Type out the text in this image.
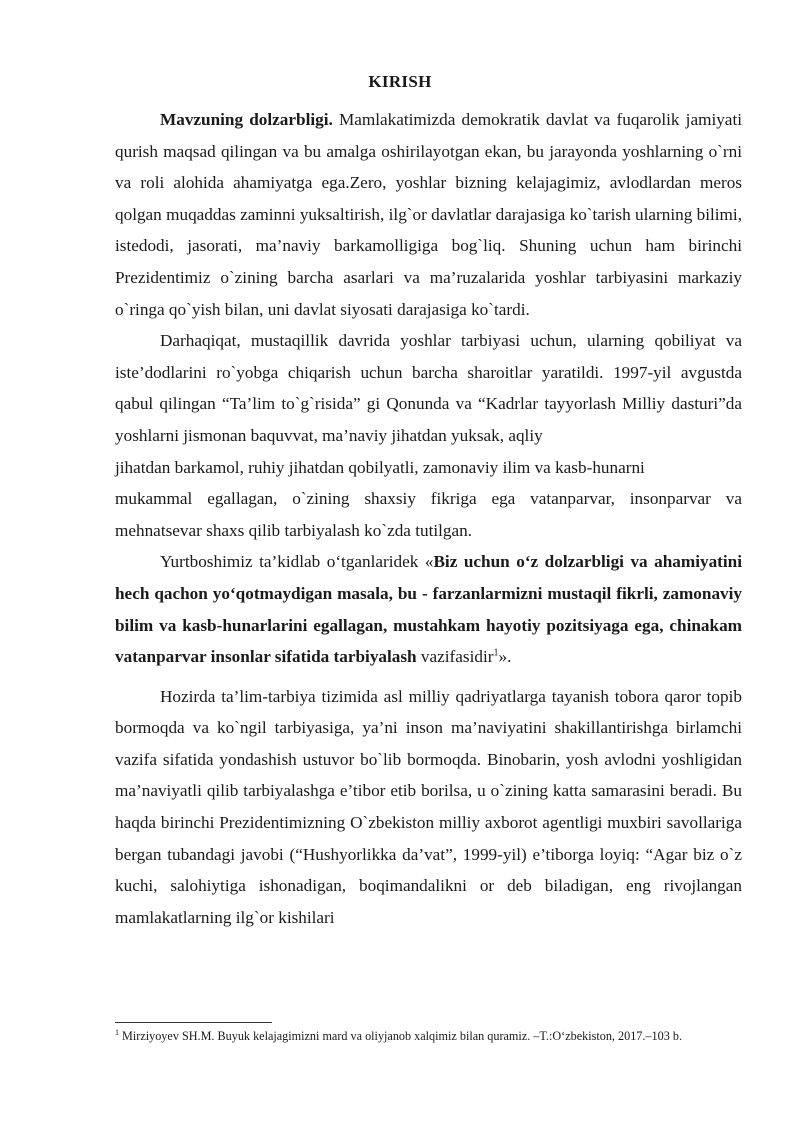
KIRISH

Mavzuning dolzarbligi. Mamlakatimizda demokratik davlat va fuqarolik jamiyati qurish maqsad qilingan va bu amalga oshirilayotgan ekan, bu jarayonda yoshlarning o`rni va roli alohida ahamiyatga ega.Zero, yoshlar bizning kelajagimiz, avlodlardan meros qolgan muqaddas zaminni yuksaltirish, ilg`or davlatlar darajasiga ko`tarish ularning bilimi, istedodi, jasorati, ma’naviy barkamolligiga bog`liq. Shuning uchun ham birinchi Prezidentimiz o`zining barcha asarlari va ma’ruzalarida yoshlar tarbiyasini markaziy o`ringa qo`yish bilan, uni davlat siyosati darajasiga ko`tardi.

Darhaqiqat, mustaqillik davrida yoshlar tarbiyasi uchun, ularning qobiliyat va iste’dodlarini ro`yobga chiqarish uchun barcha sharoitlar yaratildi. 1997-yil avgustda qabul qilingan “Ta’lim to`g`risida” gi Qonunda va “Kadrlar tayyorlash Milliy dasturi”da yoshlarni jismonan baquvvat, ma’naviy jihatdan yuksak, aqliy
jihatdan barkamol, ruhiy jihatdan qobilyatli, zamonaviy ilim va kasb-hunarni
mukammal egallagan, o`zining shaxsiy fikriga ega vatanparvar, insonparvar va mehnatsevar shaxs qilib tarbiyalash ko`zda tutilgan.

Yurtboshimiz ta’kidlab o‘tganlaridek «Biz uchun o‘z dolzarbligi va ahamiyatini hech qachon yo‘qotmaydigan masala, bu - farzanlarmizni mustaqil fikrli, zamonaviy bilim va kasb-hunarlarini egallagan, mustahkam hayotiy pozitsiyaga ega, chinakam vatanparvar insonlar sifatida tarbiyalash vazifasidir$^1$».

Hozirda ta’lim-tarbiya tizimida asl milliy qadriyatlarga tayanish tobora qaror topib bormoqda va ko`ngil tarbiyasiga, ya’ni inson ma’naviyatini shakillantirishga birlamchi vazifa sifatida yondashish ustuvor bo`lib bormoqda. Binobarin, yosh avlodni yoshligidan ma’naviyatli qilib tarbiyalashga e’tibor etib borilsa, u o`zining katta samarasini beradi. Bu haqda birinchi Prezidentimizning O`zbekiston milliy axborot agentligi muxbiri savollariga bergan tubandagi javobi (“Hushyorlikka da’vat”, 1999-yil) e’tiborga loyiq: “Agar biz o`z kuchi, salohiytiga ishonadigan, boqimandalikni or deb biladigan, eng rivojlangan mamlakatlarning ilg`or kishilari

$^1$ Mirziyoyev SH.M. Buyuk kelajagimizni mard va oliyjanob xalqimiz bilan quramiz. –T.:O‘zbekiston, 2017.–103 b.
